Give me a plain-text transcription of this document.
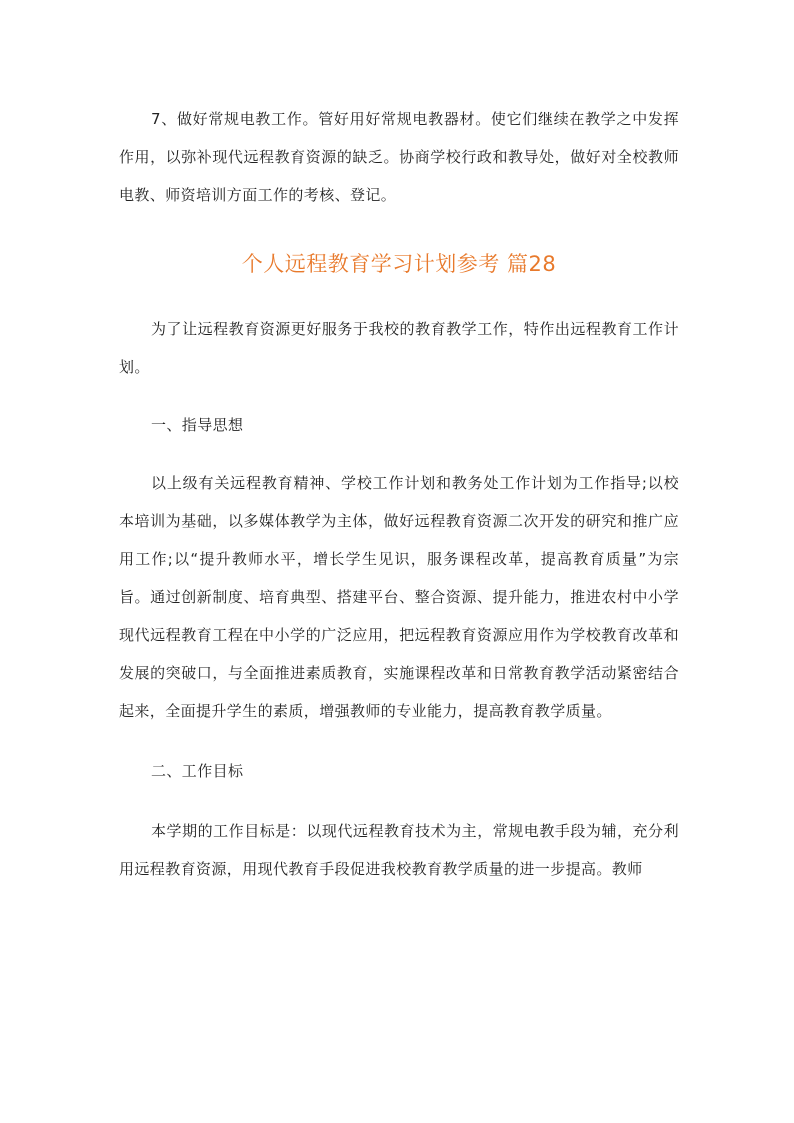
7、做好常规电教工作。管好用好常规电教器材。使它们继续在教学之中发挥作用，以弥补现代远程教育资源的缺乏。协商学校行政和教导处，做好对全校教师电教、师资培训方面工作的考核、登记。

个人远程教育学习计划参考 篇28

为了让远程教育资源更好服务于我校的教育教学工作，特作出远程教育工作计划。

一、指导思想

以上级有关远程教育精神、学校工作计划和教务处工作计划为工作指导;以校本培训为基础，以多媒体教学为主体，做好远程教育资源二次开发的研究和推广应用工作;以“提升教师水平，增长学生见识，服务课程改革，提高教育质量”为宗旨。通过创新制度、培育典型、搭建平台、整合资源、提升能力，推进农村中小学现代远程教育工程在中小学的广泛应用，把远程教育资源应用作为学校教育改革和发展的突破口，与全面推进素质教育，实施课程改革和日常教育教学活动紧密结合起来，全面提升学生的素质，增强教师的专业能力，提高教育教学质量。

二、工作目标

本学期的工作目标是：以现代远程教育技术为主，常规电教手段为辅，充分利用远程教育资源，用现代教育手段促进我校教育教学质量的进一步提高。教师
